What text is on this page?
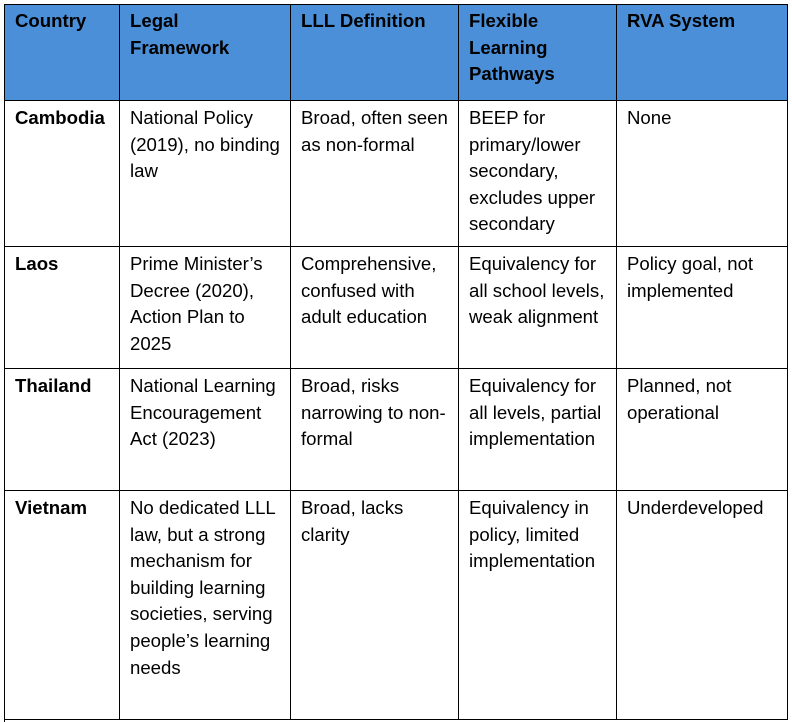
Country	Legal Framework	LLL Definition	Flexible Learning Pathways	RVA System
Cambodia	National Policy (2019), no binding law	Broad, often seen as non-formal	BEEP for primary/lower secondary, excludes upper secondary	None
Laos	Prime Minister’s Decree (2020), Action Plan to 2025	Comprehensive, confused with adult education	Equivalency for all school levels, weak alignment	Policy goal, not implemented
Thailand	National Learning Encouragement Act (2023)	Broad, risks narrowing to non-formal	Equivalency for all levels, partial implementation	Planned, not operational
Vietnam	No dedicated LLL law, but a strong mechanism for building learning societies, serving people’s learning needs	Broad, lacks clarity	Equivalency in policy, limited implementation	Underdeveloped
